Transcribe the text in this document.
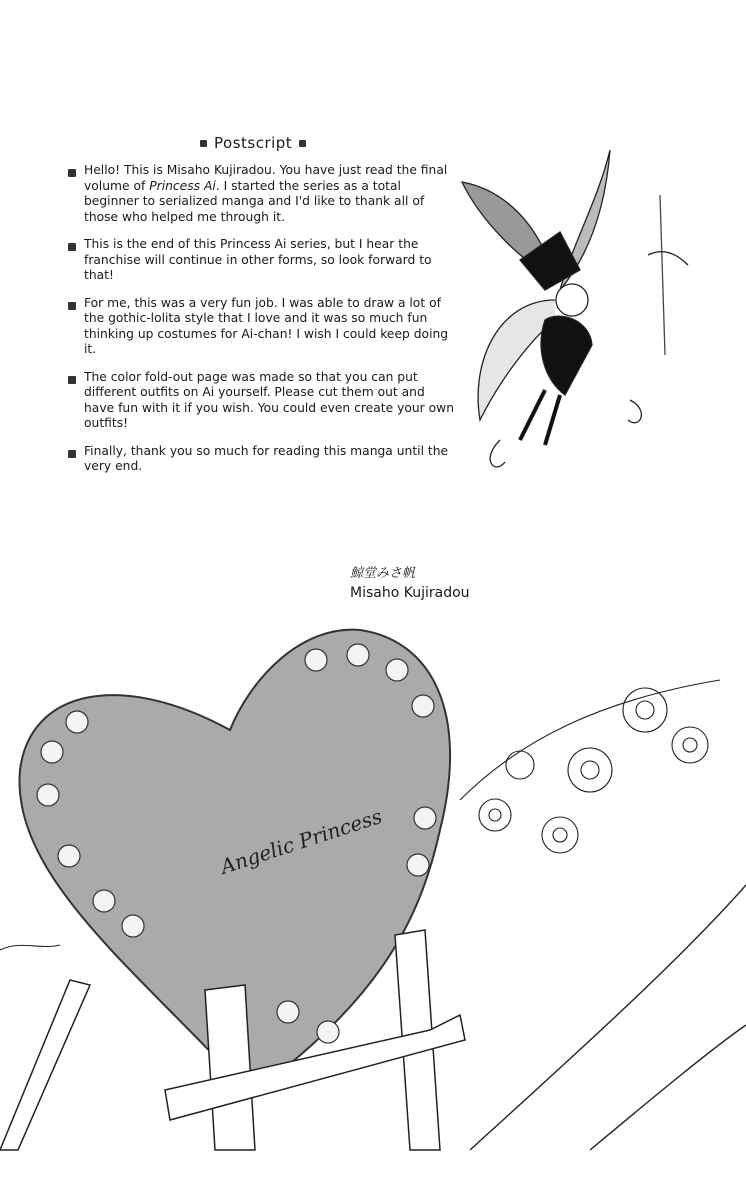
Postscript
Hello! This is Misaho Kujiradou. You have just read the final volume of Princess Ai. I started the series as a total beginner to serialized manga and I'd like to thank all of those who helped me through it.
This is the end of this Princess Ai series, but I hear the franchise will continue in other forms, so look forward to that!
For me, this was a very fun job. I was able to draw a lot of the gothic-lolita style that I love and it was so much fun thinking up costumes for Ai-chan! I wish I could keep doing it.
The color fold-out page was made so that you can put different outfits on Ai yourself. Please cut them out and have fun with it if you wish. You could even create your own outfits!
Finally, thank you so much for reading this manga until the very end.
鯨堂みさ帆
Misaho Kujiradou
Angelic Princess
